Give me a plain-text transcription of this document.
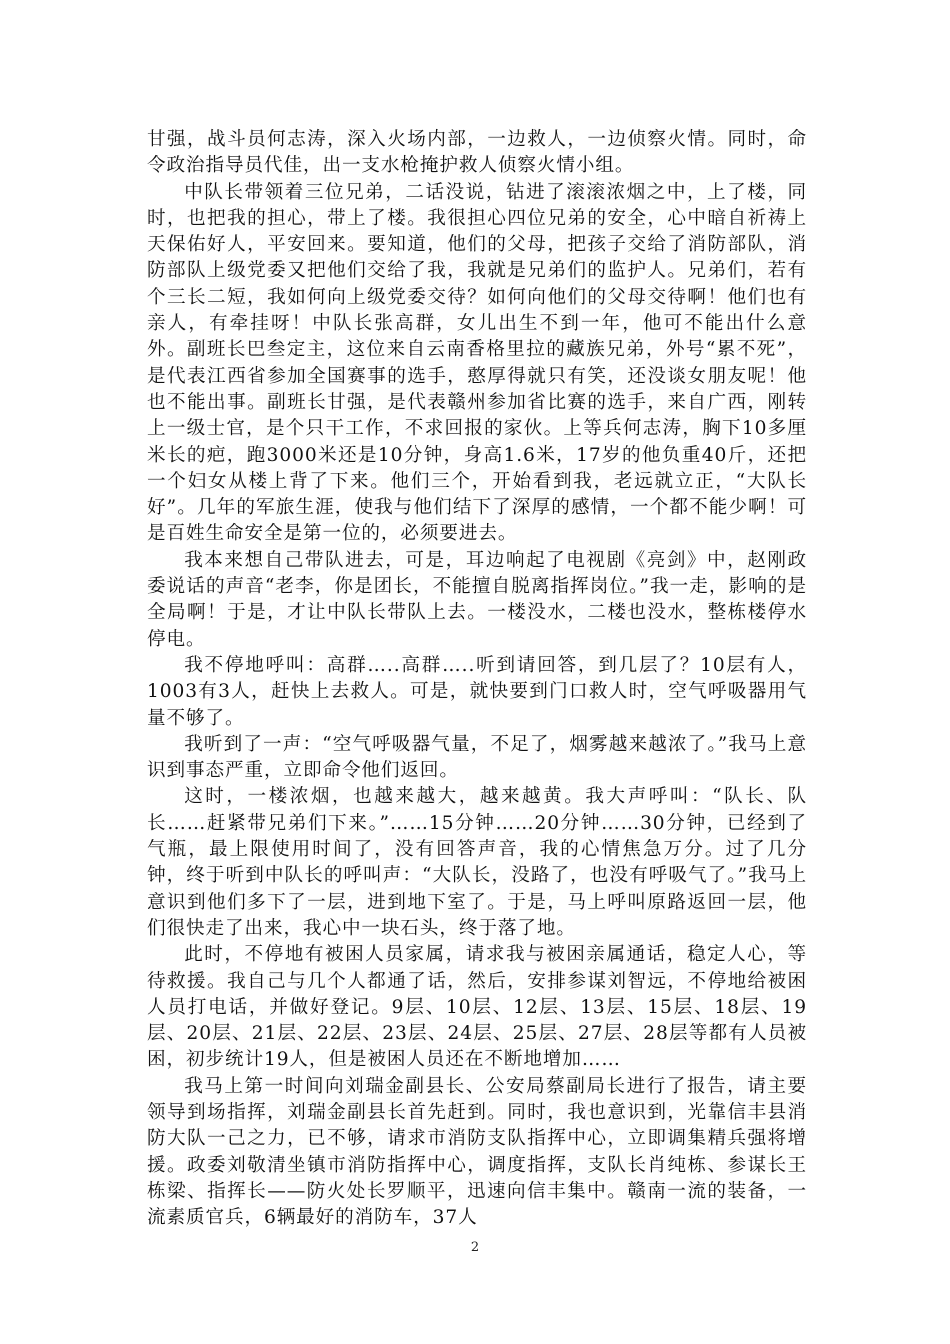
甘强，战斗员何志涛，深入火场内部，一边救人，一边侦察火情。同时，命令政治指导员代佳，出一支水枪掩护救人侦察火情小组。

中队长带领着三位兄弟，二话没说，钻进了滚滚浓烟之中，上了楼，同时，也把我的担心，带上了楼。我很担心四位兄弟的安全，心中暗自祈祷上天保佑好人，平安回来。要知道，他们的父母，把孩子交给了消防部队，消防部队上级党委又把他们交给了我，我就是兄弟们的监护人。兄弟们，若有个三长二短，我如何向上级党委交待？如何向他们的父母交待啊！他们也有亲人，有牵挂呀！中队长张高群，女儿出生不到一年，他可不能出什么意外。副班长巴叁定主，这位来自云南香格里拉的藏族兄弟，外号“累不死”，是代表江西省参加全国赛事的选手，憨厚得就只有笑，还没谈女朋友呢！他也不能出事。副班长甘强，是代表赣州参加省比赛的选手，来自广西，刚转上一级士官，是个只干工作，不求回报的家伙。上等兵何志涛，胸下10多厘米长的疤，跑3000米还是10分钟，身高1.6米，17岁的他负重40斤，还把一个妇女从楼上背了下来。他们三个，开始看到我，老远就立正，“大队长好”。几年的军旅生涯，使我与他们结下了深厚的感情，一个都不能少啊！可是百姓生命安全是第一位的，必须要进去。

我本来想自己带队进去，可是，耳边响起了电视剧《亮剑》中，赵刚政委说话的声音“老李，你是团长，不能擅自脱离指挥岗位。”我一走，影响的是全局啊！于是，才让中队长带队上去。一楼没水，二楼也没水，整栋楼停水停电。

我不停地呼叫：高群…..高群…..听到请回答，到几层了？10层有人，1003有3人，赶快上去救人。可是，就快要到门口救人时，空气呼吸器用气量不够了。

我听到了一声：“空气呼吸器气量，不足了，烟雾越来越浓了。”我马上意识到事态严重，立即命令他们返回。

这时，一楼浓烟，也越来越大，越来越黄。我大声呼叫：“队长、队长……赶紧带兄弟们下来。”……15分钟……20分钟……30分钟，已经到了气瓶，最上限使用时间了，没有回答声音，我的心情焦急万分。过了几分钟，终于听到中队长的呼叫声：“大队长，没路了，也没有呼吸气了。”我马上意识到他们多下了一层，进到地下室了。于是，马上呼叫原路返回一层，他们很快走了出来，我心中一块石头，终于落了地。

此时，不停地有被困人员家属，请求我与被困亲属通话，稳定人心，等待救援。我自己与几个人都通了话，然后，安排参谋刘智远，不停地给被困人员打电话，并做好登记。9层、10层、12层、13层、15层、18层、19层、20层、21层、22层、23层、24层、25层、27层、28层等都有人员被困，初步统计19人，但是被困人员还在不断地增加……

我马上第一时间向刘瑞金副县长、公安局蔡副局长进行了报告，请主要领导到场指挥，刘瑞金副县长首先赶到。同时，我也意识到，光靠信丰县消防大队一己之力，已不够，请求市消防支队指挥中心，立即调集精兵强将增援。政委刘敬清坐镇市消防指挥中心，调度指挥，支队长肖纯栋、参谋长王栋梁、指挥长——防火处长罗顺平，迅速向信丰集中。赣南一流的装备，一流素质官兵，6辆最好的消防车，37人

2
